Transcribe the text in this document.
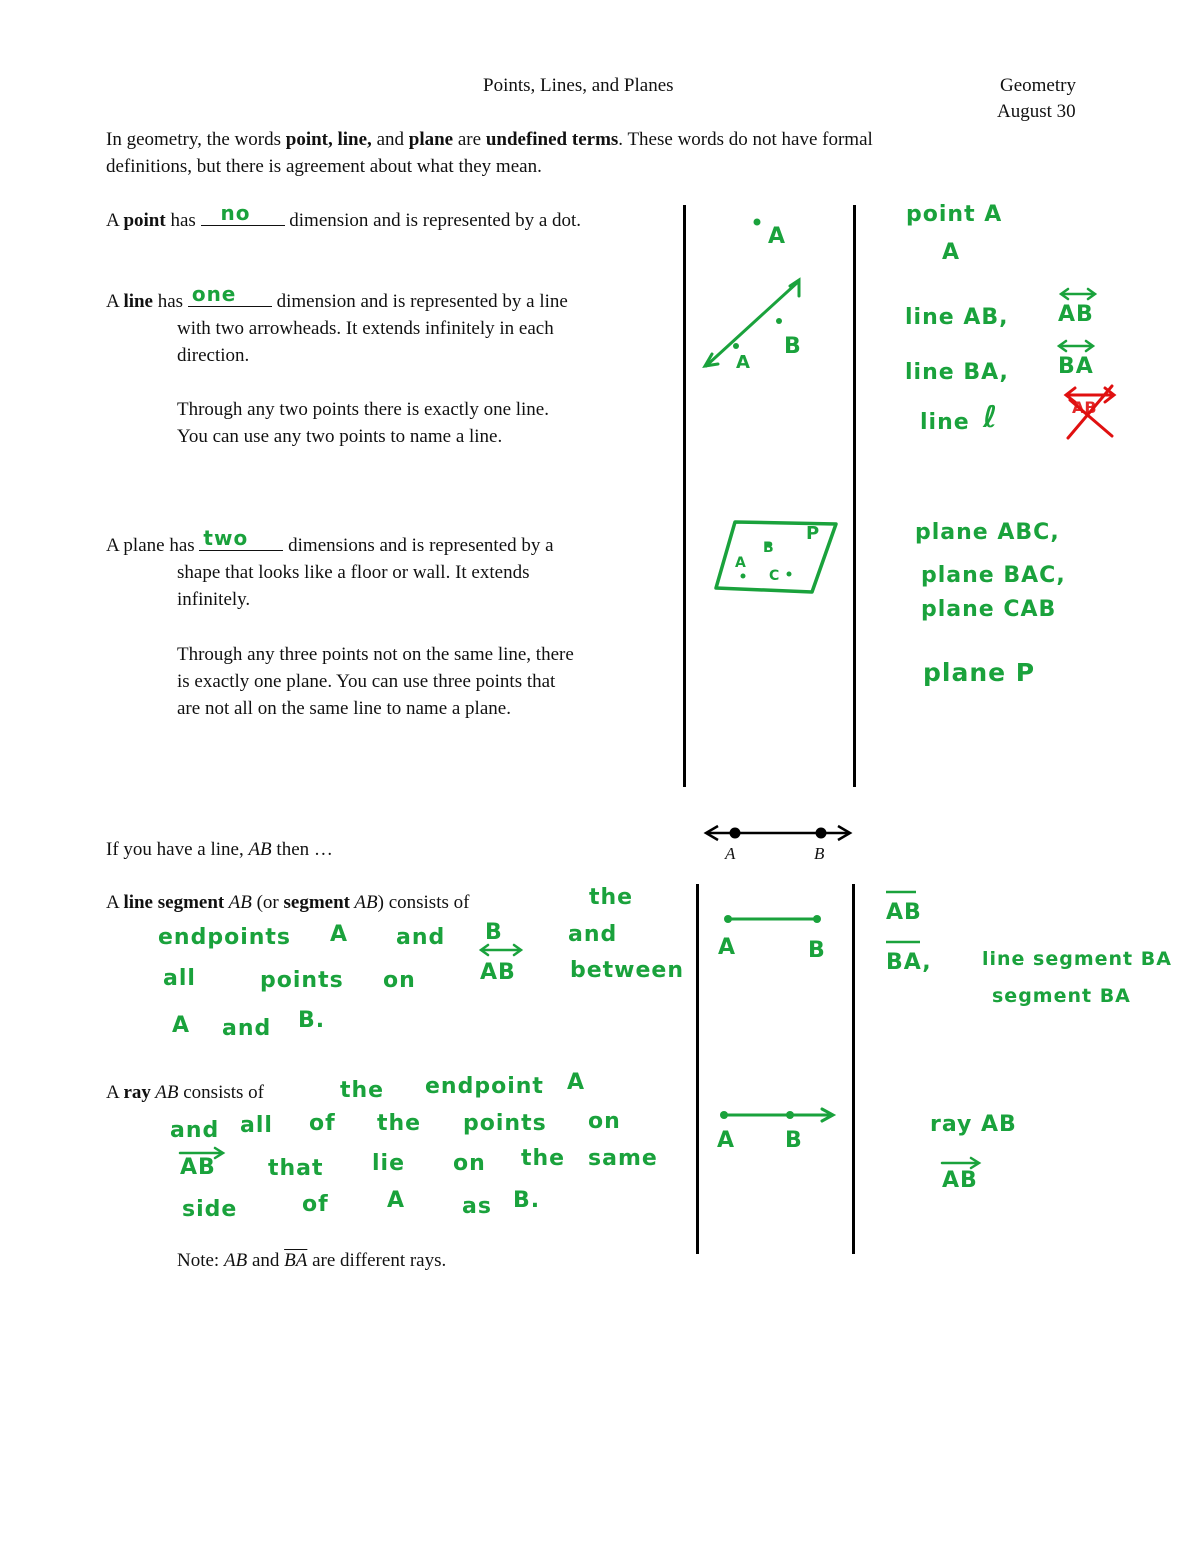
Points, Lines, and Planes	Geometry
August 30
In geometry, the words point, line, and plane are undefined terms. These words do not have formal
definitions, but there is agreement about what they mean.
A point has no dimension and is represented by a dot.
A
point A
A
A line has one dimension and is represented by a line
with two arrowheads. It extends infinitely in each
direction.
Through any two points there is exactly one line.
You can use any two points to name a line.
A
B
line AB, AB
line BA, BA
line ℓ	AB
A plane has two dimensions and is represented by a
shape that looks like a floor or wall. It extends
infinitely.
Through any three points not on the same line, there
is exactly one plane. You can use three points that
are not all on the same line to name a plane.
A
B
C
P	plane ABC,
plane BAC,
plane CAB
plane P
If you have a line, AB then …	A	B
A line segment AB (or segment AB) consists of	the
endpoints A and B	and
all	points on	AB between
A and B.
A	B
AB
BA,	line segment BA
segment BA
A ray AB consists of	the endpoint A
and all of the points on
AB that lie on the same
side	of	A	as B.
A B
ray AB
AB
Note: AB and $\overline{BA}$ are different rays.
